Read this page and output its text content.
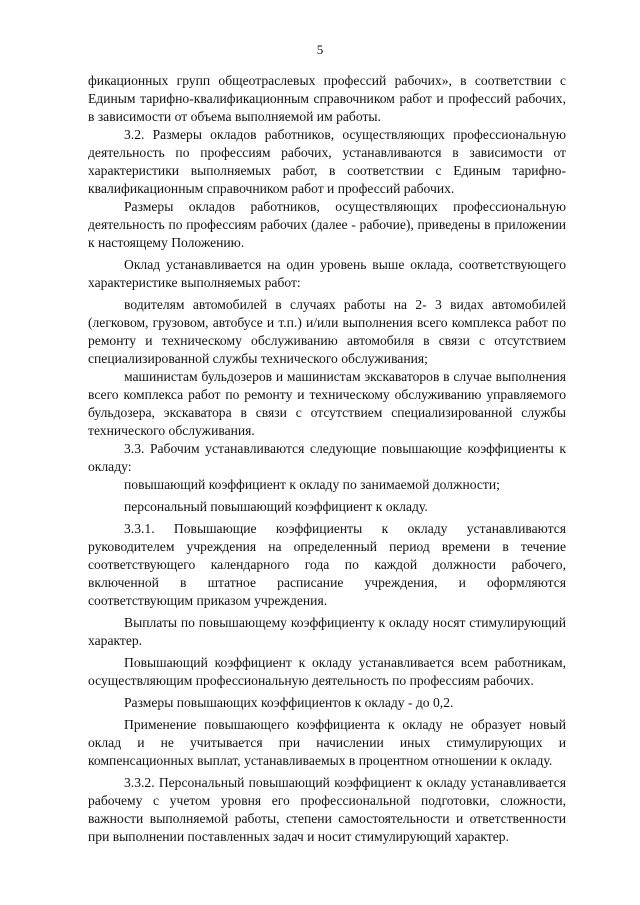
5

фикационных групп общеотраслевых профессий рабочих», в соответствии с Единым тарифно-квалификационным справочником работ и профессий рабочих, в зависимости от объема выполняемой им работы.

3.2. Размеры окладов работников, осуществляющих профессиональную деятельность по профессиям рабочих, устанавливаются в зависимости от характеристики выполняемых работ, в соответствии с Единым тарифно-квалификационным справочником работ и профессий рабочих.

Размеры окладов работников, осуществляющих профессиональную деятельность по профессиям рабочих (далее - рабочие), приведены в приложении к настоящему Положению.

Оклад устанавливается на один уровень выше оклада, соответствующего характеристике выполняемых работ:

водителям автомобилей в случаях работы на 2- 3 видах автомобилей (легковом, грузовом, автобусе и т.п.) и/или выполнения всего комплекса работ по ремонту и техническому обслуживанию автомобиля в связи с отсутствием специализированной службы технического обслуживания;

машинистам бульдозеров и машинистам экскаваторов в случае выполнения всего комплекса работ по ремонту и техническому обслуживанию управляемого бульдозера, экскаватора в связи с отсутствием специализированной службы технического обслуживания.

3.3. Рабочим устанавливаются следующие повышающие коэффициенты к окладу:

повышающий коэффициент к окладу по занимаемой должности;

персональный повышающий коэффициент к окладу.

3.3.1. Повышающие коэффициенты к окладу устанавливаются руководителем учреждения на определенный период времени в течение соответствующего календарного года по каждой должности рабочего, включенной в штатное расписание учреждения, и оформляются соответствующим приказом учреждения.

Выплаты по повышающему коэффициенту к окладу носят стимулирующий характер.

Повышающий коэффициент к окладу устанавливается всем работникам, осуществляющим профессиональную деятельность по профессиям рабочих.

Размеры повышающих коэффициентов к окладу - до 0,2.

Применение повышающего коэффициента к окладу не образует новый оклад и не учитывается при начислении иных стимулирующих и компенсационных выплат, устанавливаемых в процентном отношении к окладу.

3.3.2. Персональный повышающий коэффициент к окладу устанавливается рабочему с учетом уровня его профессиональной подготовки, сложности, важности выполняемой работы, степени самостоятельности и ответственности при выполнении поставленных задач и носит стимулирующий характер.
